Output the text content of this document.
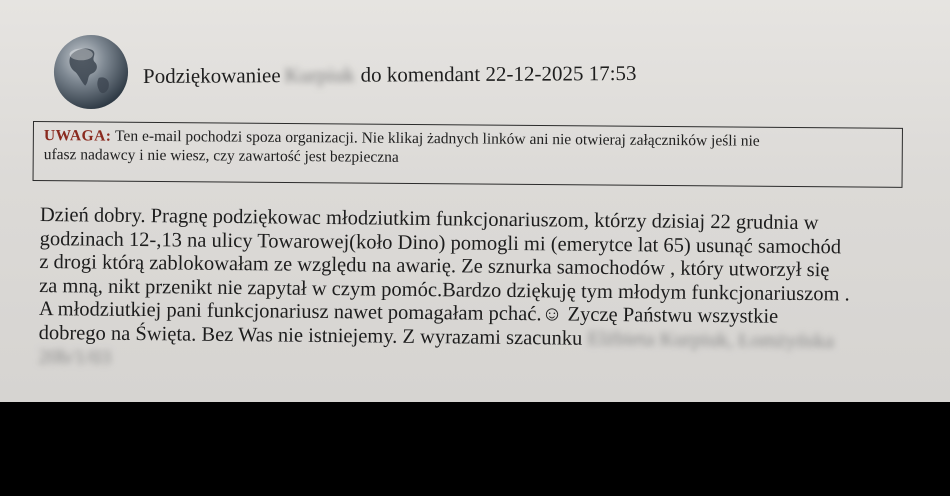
Podziękowaniee Kurpiuk do komendant 22-12-2025 17:53
UWAGA: Ten e-mail pochodzi spoza organizacji. Nie klikaj żadnych linków ani nie otwieraj załączników jeśli nie
ufasz nadawcy i nie wiesz, czy zawartość jest bezpieczna
Dzień dobry. Pragnę podziękowac młodziutkim funkcjonariuszom, którzy dzisiaj 22 grudnia w
godzinach 12-,13 na ulicy Towarowej(koło Dino) pomogli mi (emerytce lat 65) usunąć samochód
z drogi którą zablokowałam ze względu na awarię. Ze sznurka samochodów , który utworzył się
za mną, nikt przenikt nie zapytał w czym pomóc.Bardzo dziękuję tym młodym funkcjonariuszom .
A młodziutkiej pani funkcjonariusz nawet pomagałam pchać.☺ Zyczę Państwu wszystkie
dobrego na Święta. Bez Was nie istniejemy. Z wyrazami szacunku Elżbieta Kurpiuk, Łomżyńska
20b/1/03
